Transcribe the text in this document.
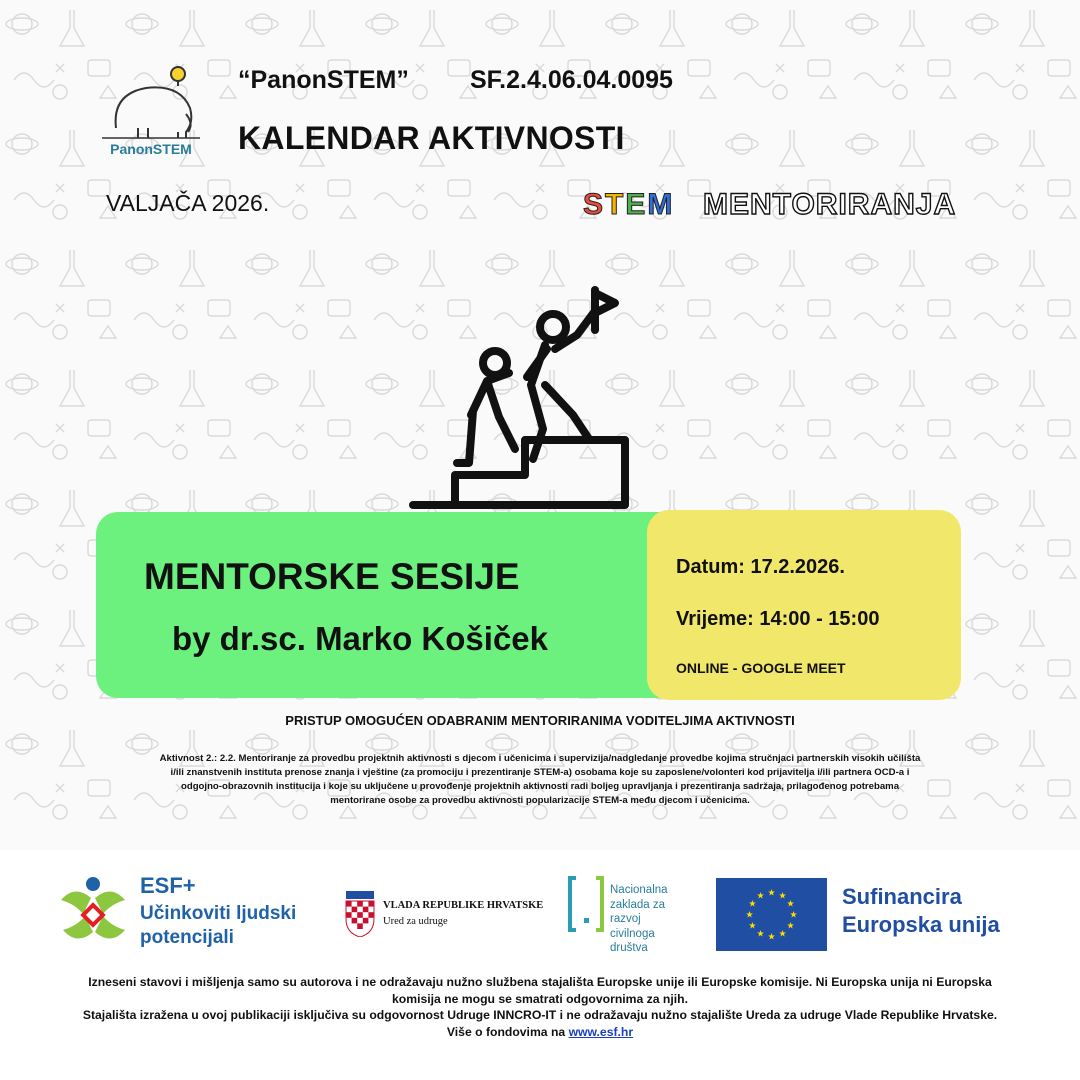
PanonSTEM
“PanonSTEM” SF.2.4.06.04.0095
KALENDAR AKTIVNOSTI
VALJAČA 2026.	STEM MENTORIRANJA
MENTORSKE SESIJE
by dr.sc. Marko Košiček
Datum: 17.2.2026.
Vrijeme: 14:00 - 15:00
ONLINE - GOOGLE MEET
PRISTUP OMOGUĆEN ODABRANIM MENTORIRANIMA VODITELJIMA AKTIVNOSTI
Aktivnost 2.: 2.2. Mentoriranje za provedbu projektnih aktivnosti s djecom i učenicima i supervizija/nadgledanje provedbe kojima stručnjaci partnerskih visokih učilišta
i/ili znanstvenih instituta prenose znanja i vještine (za promociju i prezentiranje STEM-a) osobama koje su zaposlene/volonteri kod prijavitelja i/ili partnera OCD-a i
odgojno-obrazovnih institucija i koje su uključene u provođenje projektnih aktivnosti radi boljeg upravljanja i prezentiranja sadržaja, prilagođenog potrebama
mentorirane osobe za provedbu aktivnosti popularizacije STEM-a među djecom i učenicima.
ESF+
Učinkoviti ljudski
potencijali
VLADA REPUBLIKE HRVATSKE
Ured za udruge
Nacionalna
zaklada za
razvoj
civilnoga
društva
★
★
★
★
★
★
★
★
★ ★ ★
★ Sufinancira
Europska unija
Izneseni stavovi i mišljenja samo su autorova i ne odražavaju nužno službena stajališta Europske unije ili Europske komisije. Ni Europska unija ni Europska
komisija ne mogu se smatrati odgovornima za njih.
Stajališta izražena u ovoj publikaciji isključiva su odgovornost Udruge INNCRO-IT i ne odražavaju nužno stajalište Ureda za udruge Vlade Republike Hrvatske.
Više o fondovima na www.esf.hr
